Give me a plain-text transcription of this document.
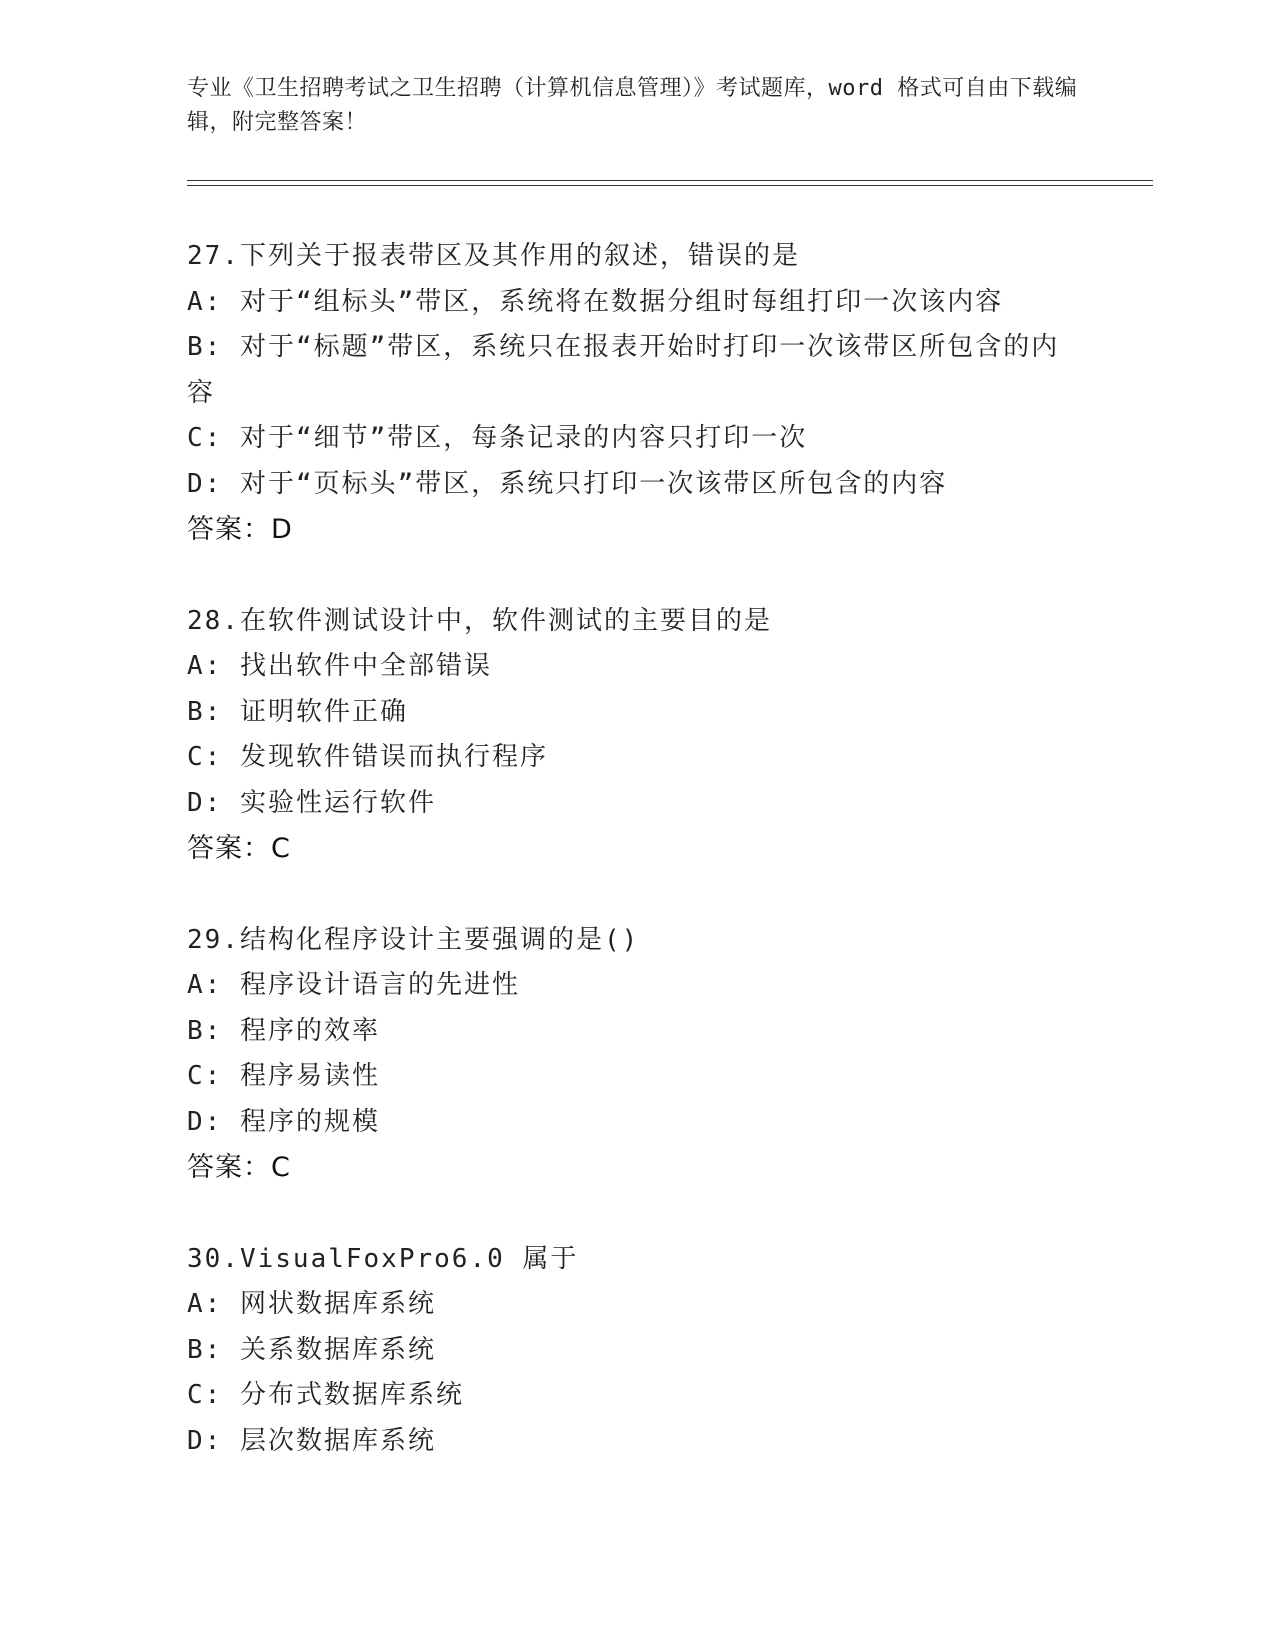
专业《卫生招聘考试之卫生招聘（计算机信息管理）》考试题库，word 格式可自由下载编辑，附完整答案！
27.下列关于报表带区及其作用的叙述，错误的是
A: 对于“组标头”带区，系统将在数据分组时每组打印一次该内容
B: 对于“标题”带区，系统只在报表开始时打印一次该带区所包含的内容
C: 对于“细节”带区，每条记录的内容只打印一次
D: 对于“页标头”带区，系统只打印一次该带区所包含的内容
答案：D
28.在软件测试设计中，软件测试的主要目的是
A: 找出软件中全部错误
B: 证明软件正确
C: 发现软件错误而执行程序
D: 实验性运行软件
答案：C
29.结构化程序设计主要强调的是()
A: 程序设计语言的先进性
B: 程序的效率
C: 程序易读性
D: 程序的规模
答案：C
30.VisualFoxPro6.0 属于
A: 网状数据库系统
B: 关系数据库系统
C: 分布式数据库系统
D: 层次数据库系统
